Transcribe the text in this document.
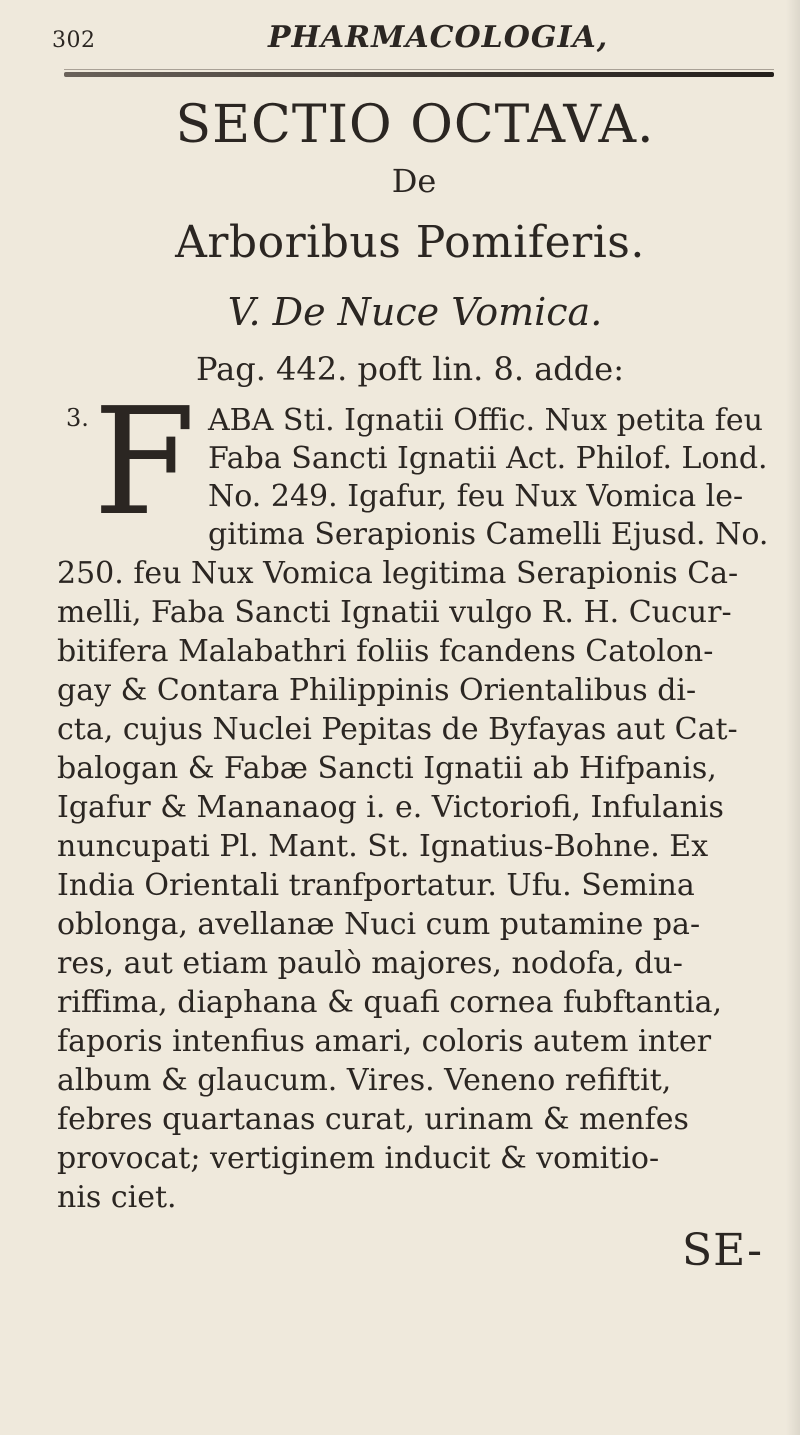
302	PHARMACOLOGIA,
SECTIO OCTAVA.
De
Arboribus Pomiferis.
V. De Nuce Vomica.
Pag. 442. poft lin. 8. adde:
3. F ABA Sti. Ignatii Offic. Nux petita feu
Faba Sancti Ignatii Act. Philof. Lond.
No. 249. Igafur, feu Nux Vomica le-
gitima Serapionis Camelli Ejusd. No.
250. feu Nux Vomica legitima Serapionis Ca-
melli, Faba Sancti Ignatii vulgo R. H. Cucur-
bitifera Malabathri foliis fcandens Catolon-
gay & Contara Philippinis Orientalibus di-
cta, cujus Nuclei Pepitas de Byfayas aut Cat-
balogan & Fabæ Sancti Ignatii ab Hifpanis,
Igafur & Mananaog i. e. Victoriofi, Infulanis
nuncupati Pl. Mant. St. Ignatius-Bohne. Ex
India Orientali tranfportatur. Ufu. Semina
oblonga, avellanæ Nuci cum putamine pa-
res, aut etiam paulò majores, nodofa, du-
riffima, diaphana & quafi cornea fubftantia,
faporis intenfius amari, coloris autem inter
album & glaucum. Vires. Veneno refiftit,
febres quartanas curat, urinam & menfes
provocat; vertiginem inducit & vomitio-
nis ciet.
SE-
